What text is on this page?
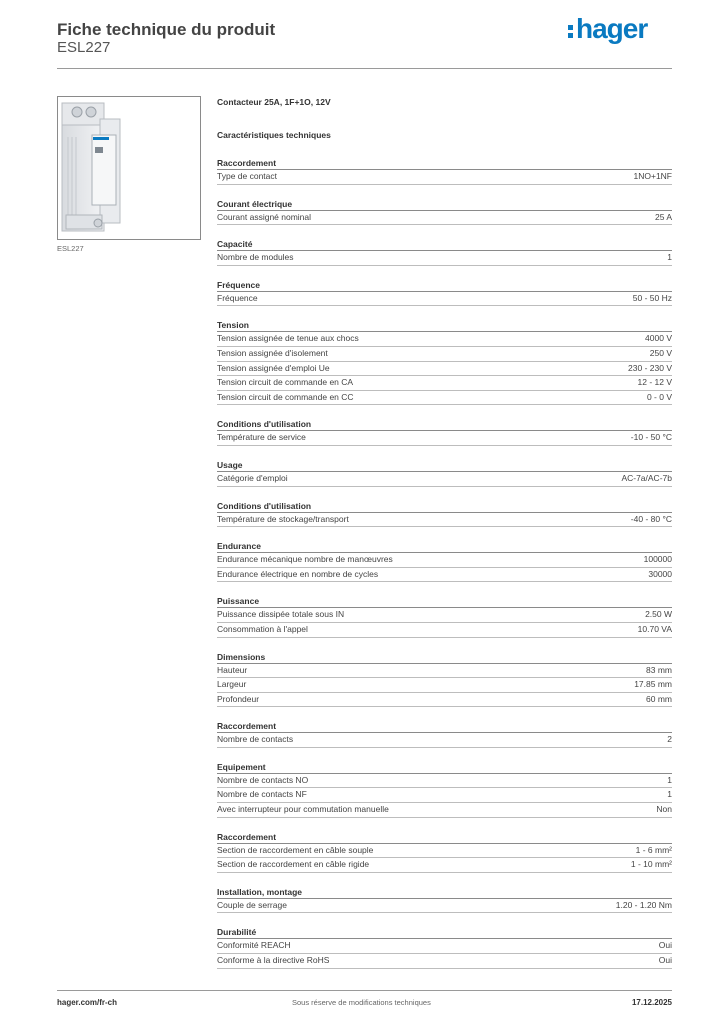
Fiche technique du produit
ESL227
hager
ESL227
Contacteur 25A, 1F+1O, 12V
Caractéristiques techniques
Raccordement
Type de contact	1NO+1NF
Courant électrique
Courant assigné nominal	25 A
Capacité
Nombre de modules	1
Fréquence
Fréquence	50 - 50 Hz
Tension
Tension assignée de tenue aux chocs	4000 V
Tension assignée d'isolement	250 V
Tension assignée d'emploi Ue	230 - 230 V
Tension circuit de commande en CA	12 - 12 V
Tension circuit de commande en CC	0 - 0 V
Conditions d'utilisation
Température de service	-10 - 50 °C
Usage
Catégorie d'emploi	AC-7a/AC-7b
Conditions d'utilisation
Température de stockage/transport	-40 - 80 °C
Endurance
Endurance mécanique nombre de manœuvres	100000
Endurance électrique en nombre de cycles	30000
Puissance
Puissance dissipée totale sous IN	2.50 W
Consommation à l'appel	10.70 VA
Dimensions
Hauteur	83 mm
Largeur	17.85 mm
Profondeur	60 mm
Raccordement
Nombre de contacts	2
Equipement
Nombre de contacts NO	1
Nombre de contacts NF	1
Avec interrupteur pour commutation manuelle	Non
Raccordement
Section de raccordement en câble souple	1 - 6 mm²
Section de raccordement en câble rigide	1 - 10 mm²
Installation, montage
Couple de serrage	1.20 - 1.20 Nm
Durabilité
Conformité REACH	Oui
Conforme à la directive RoHS	Oui
hager.com/fr-ch	Sous réserve de modifications techniques	17.12.2025
